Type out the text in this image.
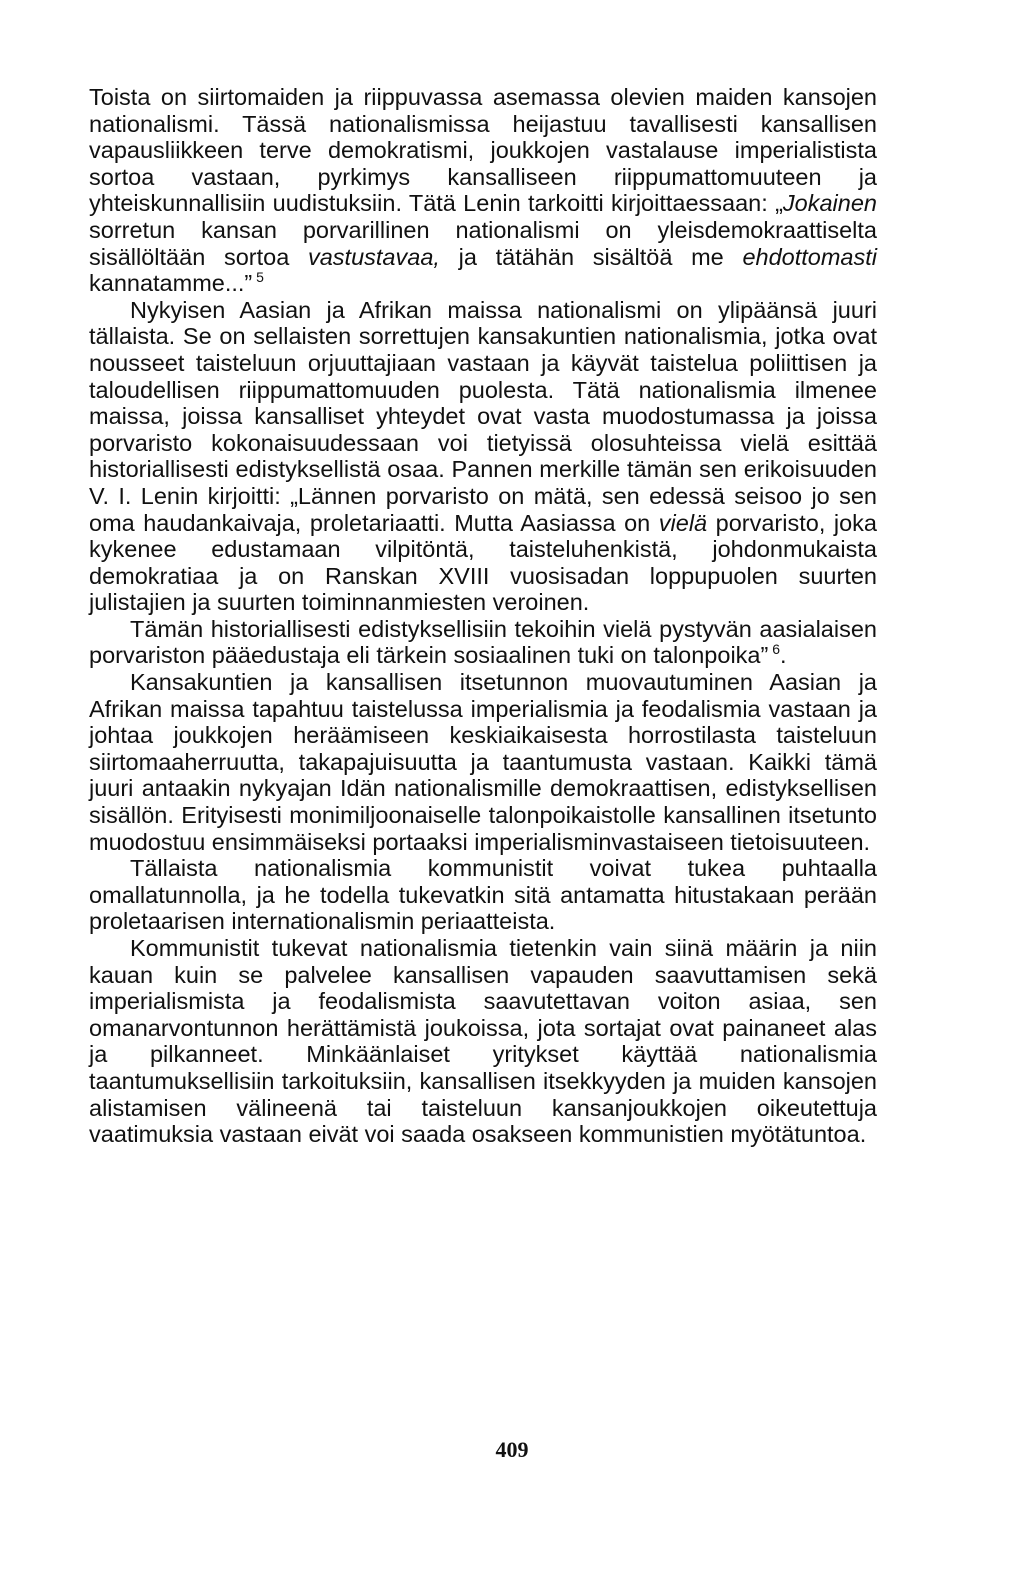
Toista on siirtomaiden ja riippuvassa asemassa olevien maiden kansojen nationalismi. Tässä nationalismissa heijastuu tavallisesti kansallisen vapausliikkeen terve demokratismi, joukkojen vastalause imperialistista sortoa vastaan, pyrkimys kansalliseen riippumattomuuteen ja yhteiskunnallisiin uudistuksiin. Tätä Lenin tarkoitti kirjoittaessaan: „Jokainen sorretun kansan porvarillinen nationalismi on yleisdemokraattiselta sisällöltään sortoa vastustavaa, ja tätähän sisältöä me ehdottomasti kannatamme...” $^5$

Nykyisen Aasian ja Afrikan maissa nationalismi on ylipäänsä juuri tällaista. Se on sellaisten sorrettujen kansakuntien nationalismia, jotka ovat nousseet taisteluun orjuuttajiaan vastaan ja käyvät taistelua poliittisen ja taloudellisen riippumattomuuden puolesta. Tätä nationalismia ilmenee maissa, joissa kansalliset yhteydet ovat vasta muodostumassa ja joissa porvaristo kokonaisuudessaan voi tietyissä olosuhteissa vielä esittää historiallisesti edistyksellistä osaa. Pannen merkille tämän sen erikoisuuden V. I. Lenin kirjoitti: „Lännen porvaristo on mätä, sen edessä seisoo jo sen oma haudankaivaja, proletariaatti. Mutta Aasiassa on vielä porvaristo, joka kykenee edustamaan vilpitöntä, taisteluhenkistä, johdonmukaista demokratiaa ja on Ranskan XVIII vuosisadan loppupuolen suurten julistajien ja suurten toiminnanmiesten veroinen.

Tämän historiallisesti edistyksellisiin tekoihin vielä pystyvän aasialaisen porvariston pääedustaja eli tärkein sosiaalinen tuki on talonpoika” $^6$.

Kansakuntien ja kansallisen itsetunnon muovautuminen Aasian ja Afrikan maissa tapahtuu taistelussa imperialismia ja feodalismia vastaan ja johtaa joukkojen heräämiseen keskiaikaisesta horrostilasta taisteluun siirtomaaherruutta, takapajuisuutta ja taantumusta vastaan. Kaikki tämä juuri antaakin nykyajan Idän nationalismille demokraattisen, edistyksellisen sisällön. Erityisesti monimiljoonaiselle talonpoikaistolle kansallinen itsetunto muodostuu ensimmäiseksi portaaksi imperialisminvastaiseen tietoisuuteen.

Tällaista nationalismia kommunistit voivat tukea puhtaalla omallatunnolla, ja he todella tukevatkin sitä antamatta hitustakaan perään proletaarisen internationalismin periaatteista.

Kommunistit tukevat nationalismia tietenkin vain siinä määrin ja niin kauan kuin se palvelee kansallisen vapauden saavuttamisen sekä imperialismista ja feodalismista saavutettavan voiton asiaa, sen omanarvontunnon herättämistä joukoissa, jota sortajat ovat painaneet alas ja pilkanneet. Minkäänlaiset yritykset käyttää nationalismia taantumuksellisiin tarkoituksiin, kansallisen itsekkyyden ja muiden kansojen alistamisen välineenä tai taisteluun kansanjoukkojen oikeutettuja vaatimuksia vastaan eivät voi saada osakseen kommunistien myötätuntoa.

409
